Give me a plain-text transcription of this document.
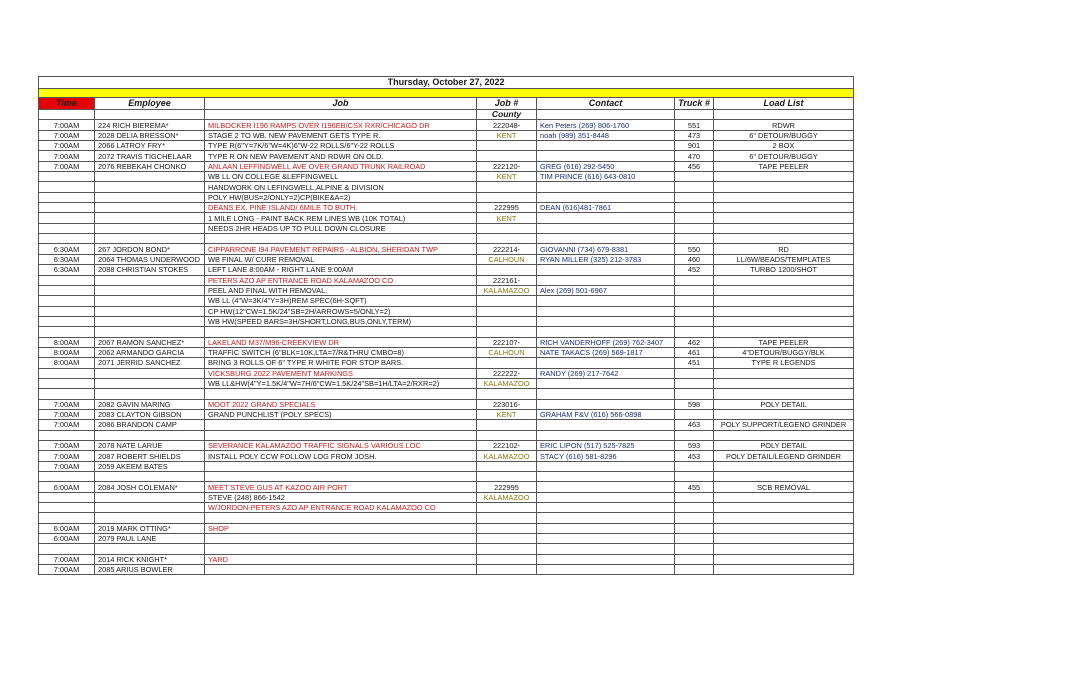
Thursday, October 27, 2022						

Time	Employee	Job	Job #	Contact	Truck #	Load List
			County			
7:00AM	224 RICH BIEREMA*	MILBOCKER I196 RAMPS OVER I196EB/CSX RXR/CHICAGO DR	222048-	Ken Peters (269) 806-1760	551	RDWR
7:00AM	2028 DELIA BRESSON*	STAGE 2 TO WB. NEW PAVEMENT GETS TYPE R.	KENT	noah (989) 351-8448	473	6" DETOUR/BUGGY
7:00AM	2066 LATROY FRY*	TYPE R(6"Y=7K/6"W=4K)6"W-22 ROLLS/6"Y-22 ROLLS			901	2 BOX
7:00AM	2072 TRAVIS TIGCHELAAR	TYPE R ON NEW PAVEMENT AND RDWR ON OLD.			470	6" DETOUR/BUGGY
7:00AM	2076 REBEKAH CHONKO	ANLAAN LEFFINGWELL AVE OVER GRAND TRUNK RAILROAD	222120-	GREG (616) 292-5450	456	TAPE PEELER
		WB LL ON COLLEGE &LEFFINGWELL	KENT	TIM PRINCE (616) 643-0810		
		HANDWORK ON LEFINGWELL,ALPINE & DIVISION				
		POLY HW(BUS=2/ONLY=2)CP(BIKE&A=2)				
		DEANS EX. PINE ISLAND/ 6MILE TO BUTH.	222995	DEAN (616)481-7861		
		1 MILE LONG - PAINT BACK REM LINES WB (10K TOTAL)	KENT			
		NEEDS 2HR HEADS UP TO PULL DOWN CLOSURE				

6:30AM	267 JORDON BOND*	CIPPARRONE I94 PAVEMENT REPAIRS - ALBION, SHERIDAN TWP	222214-	GIOVANNI (734) 679-8381	550	RD
6:30AM	2064 THOMAS UNDERWOOD	WB FINAL W/ CURE REMOVAL	CALHOUN	RYAN MILLER (325) 212-3783	460	LL/6W/BEADS/TEMPLATES
6:30AM	2088 CHRISTIAN STOKES	LEFT LANE 8:00AM - RIGHT LANE 9:00AM			452	TURBO 1200/SHOT
		PETERS AZO AP ENTRANCE ROAD KALAMAZOO CO	222161-			
		PEEL AND FINAL WITH REMOVAL.	KALAMAZOO	Alex (269) 501-6967		
		WB LL (4"W=3K/4"Y=3H)REM SPEC(6H-SQFT)				
		CP HW(12"CW=1.5K/24"SB=2H/ARROWS=5/ONLY=2)				
		WB HW(SPEED BARS=3H/SHORT,LONG,BUS,ONLY,TERM)				

8:00AM	2067 RAMON SANCHEZ*	LAKELAND M37/M96-CREEKVIEW DR	222107-	RICH VANDERHOFF (269) 762-3407	462	TAPE PEELER
8:00AM	2062 ARMANDO GARCIA	TRAFFIC SWITCH (6"BLK=10K,LTA=7/R&THRU CMBO=8)	CALHOUN	NATE TAKACS (269) 569-1817	461	4"DETOUR/BUGGY/BLK
8:00AM	2071 JERRID SANCHEZ	BRING 3 ROLLS OF 6" TYPE R WHITE FOR STOP BARS.			451	TYPE R LEGENDS
		VICKSBURG 2022 PAVEMENT MARKINGS	222222-	RANDY (269) 217-7642		
		WB LL&HW(4"Y=1.5K/4"W=7H/6"CW=1.5K/24"SB=1H/LTA=2/RXR=2)	KALAMAZOO			

7:00AM	2082 GAVIN MARING	MOOT 2022 GRAND SPECIALS	223016-		598	POLY DETAIL
7:00AM	2083 CLAYTON GIBSON	GRAND PUNCHLIST (POLY SPECS)	KENT	GRAHAM F&V (616) 566-0898		
7:00AM	2086 BRANDON CAMP				463	POLY SUPPORT/LEGEND GRINDER

7:00AM	2078 NATE LARUE	SEVERANCE KALAMAZOO TRAFFIC SIGNALS VARIOUS LOC	222102-	ERIC LIPON (517) 525-7825	593	POLY DETAIL
7:00AM	2087 ROBERT SHIELDS	INSTALL POLY CCW FOLLOW LOG FROM JOSH.	KALAMAZOO	STACY (616) 581-8296	453	POLY DETAIL/LEGEND GRINDER
7:00AM	2059 AKEEM BATES					

6:00AM	2084 JOSH COLEMAN*	MEET STEVE GUS AT KAZOO AIR PORT	222995		455	SCB REMOVAL
		STEVE (248) 866-1542	KALAMAZOO			
		W/JORDON-PETERS AZO AP ENTRANCE ROAD KALAMAZOO CO				

6:00AM	2019 MARK OTTING*	SHOP				
6:00AM	2079 PAUL LANE					

7:00AM	2014 RICK KNIGHT*	YARD				
7:00AM	2085 ARIUS BOWLER					
